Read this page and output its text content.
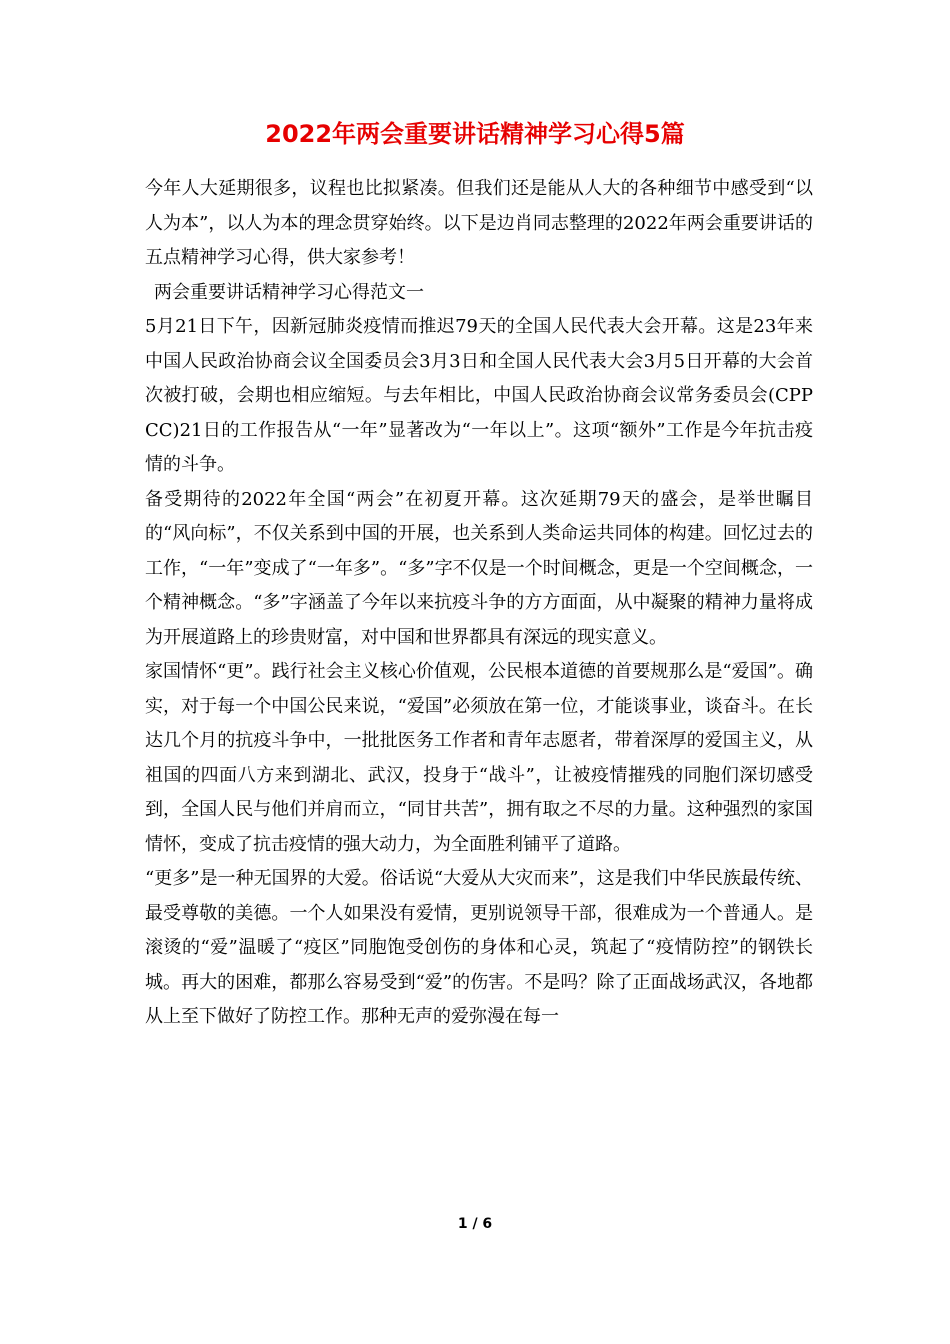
2022年两会重要讲话精神学习心得5篇

今年人大延期很多，议程也比拟紧凑。但我们还是能从人大的各种细节中感受到“以人为本”，以人为本的理念贯穿始终。以下是边肖同志整理的2022年两会重要讲话的五点精神学习心得，供大家参考！

两会重要讲话精神学习心得范文一

5月21日下午，因新冠肺炎疫情而推迟79天的全国人民代表大会开幕。这是23年来中国人民政治协商会议全国委员会3月3日和全国人民代表大会3月5日开幕的大会首次被打破，会期也相应缩短。与去年相比，中国人民政治协商会议常务委员会(CPPCC)21日的工作报告从“一年”显著改为“一年以上”。这项“额外”工作是今年抗击疫情的斗争。

备受期待的2022年全国“两会”在初夏开幕。这次延期79天的盛会，是举世瞩目的“风向标”，不仅关系到中国的开展，也关系到人类命运共同体的构建。回忆过去的工作，“一年”变成了“一年多”。“多”字不仅是一个时间概念，更是一个空间概念，一个精神概念。“多”字涵盖了今年以来抗疫斗争的方方面面，从中凝聚的精神力量将成为开展道路上的珍贵财富，对中国和世界都具有深远的现实意义。

家国情怀“更”。践行社会主义核心价值观，公民根本道德的首要规那么是“爱国”。确实，对于每一个中国公民来说，“爱国”必须放在第一位，才能谈事业，谈奋斗。在长达几个月的抗疫斗争中，一批批医务工作者和青年志愿者，带着深厚的爱国主义，从祖国的四面八方来到湖北、武汉，投身于“战斗”，让被疫情摧残的同胞们深切感受到，全国人民与他们并肩而立，“同甘共苦”，拥有取之不尽的力量。这种强烈的家国情怀，变成了抗击疫情的强大动力，为全面胜利铺平了道路。

“更多”是一种无国界的大爱。俗话说“大爱从大灾而来”，这是我们中华民族最传统、最受尊敬的美德。一个人如果没有爱情，更别说领导干部，很难成为一个普通人。是滚烫的“爱”温暖了“疫区”同胞饱受创伤的身体和心灵，筑起了“疫情防控”的钢铁长城。再大的困难，都那么容易受到“爱”的伤害。不是吗？除了正面战场武汉，各地都从上至下做好了防控工作。那种无声的爱弥漫在每一

1 / 6
